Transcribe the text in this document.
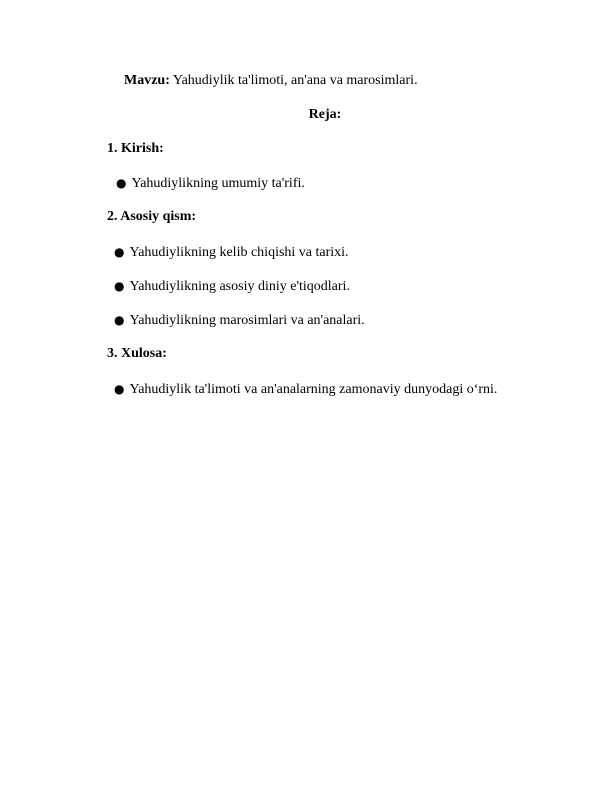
Mavzu: Yahudiylik ta'limoti, an'ana va marosimlari.
Reja:
1. Kirish:
● Yahudiylikning umumiy ta'rifi.
2. Asosiy qism:
● Yahudiylikning kelib chiqishi va tarixi.
● Yahudiylikning asosiy diniy e'tiqodlari.
● Yahudiylikning marosimlari va an'analari.
3. Xulosa:
● Yahudiylik ta'limoti va an'analarning zamonaviy dunyodagi o‘rni.
